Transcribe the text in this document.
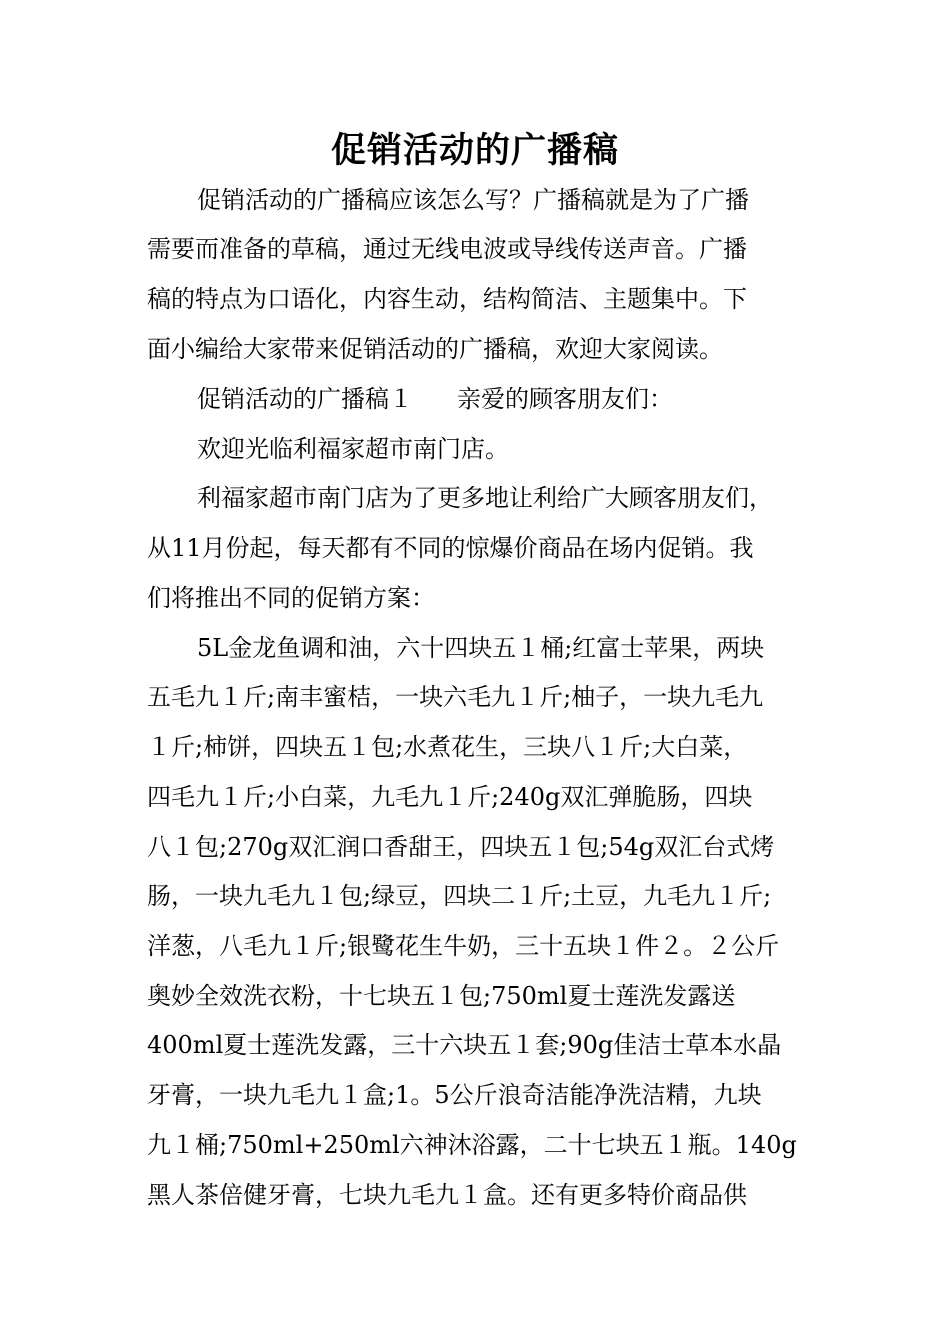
促销活动的广播稿
促销活动的广播稿应该怎么写？广播稿就是为了广播
需要而准备的草稿，通过无线电波或导线传送声音。广播
稿的特点为口语化，内容生动，结构简洁、主题集中。下
面小编给大家带来促销活动的广播稿，欢迎大家阅读。
促销活动的广播稿１ 亲爱的顾客朋友们：
欢迎光临利福家超市南门店。
利福家超市南门店为了更多地让利给广大顾客朋友们，
从11月份起，每天都有不同的惊爆价商品在场内促销。我
们将推出不同的促销方案：
5L金龙鱼调和油，六十四块五１桶;红富士苹果，两块
五毛九１斤;南丰蜜桔，一块六毛九１斤;柚子，一块九毛九
１斤;柿饼，四块五１包;水煮花生，三块八１斤;大白菜，
四毛九１斤;小白菜，九毛九１斤;240g双汇弹脆肠，四块
八１包;270g双汇润口香甜王，四块五１包;54g双汇台式烤
肠，一块九毛九１包;绿豆，四块二１斤;土豆，九毛九１斤;
洋葱，八毛九１斤;银鹭花生牛奶，三十五块１件２。２公斤
奥妙全效洗衣粉，十七块五１包;750ml夏士莲洗发露送
400ml夏士莲洗发露，三十六块五１套;90g佳洁士草本水晶
牙膏，一块九毛九１盒;1。5公斤浪奇洁能净洗洁精，九块
九１桶;750ml+250ml六神沐浴露，二十七块五１瓶。140g
黑人茶倍健牙膏，七块九毛九１盒。还有更多特价商品供
